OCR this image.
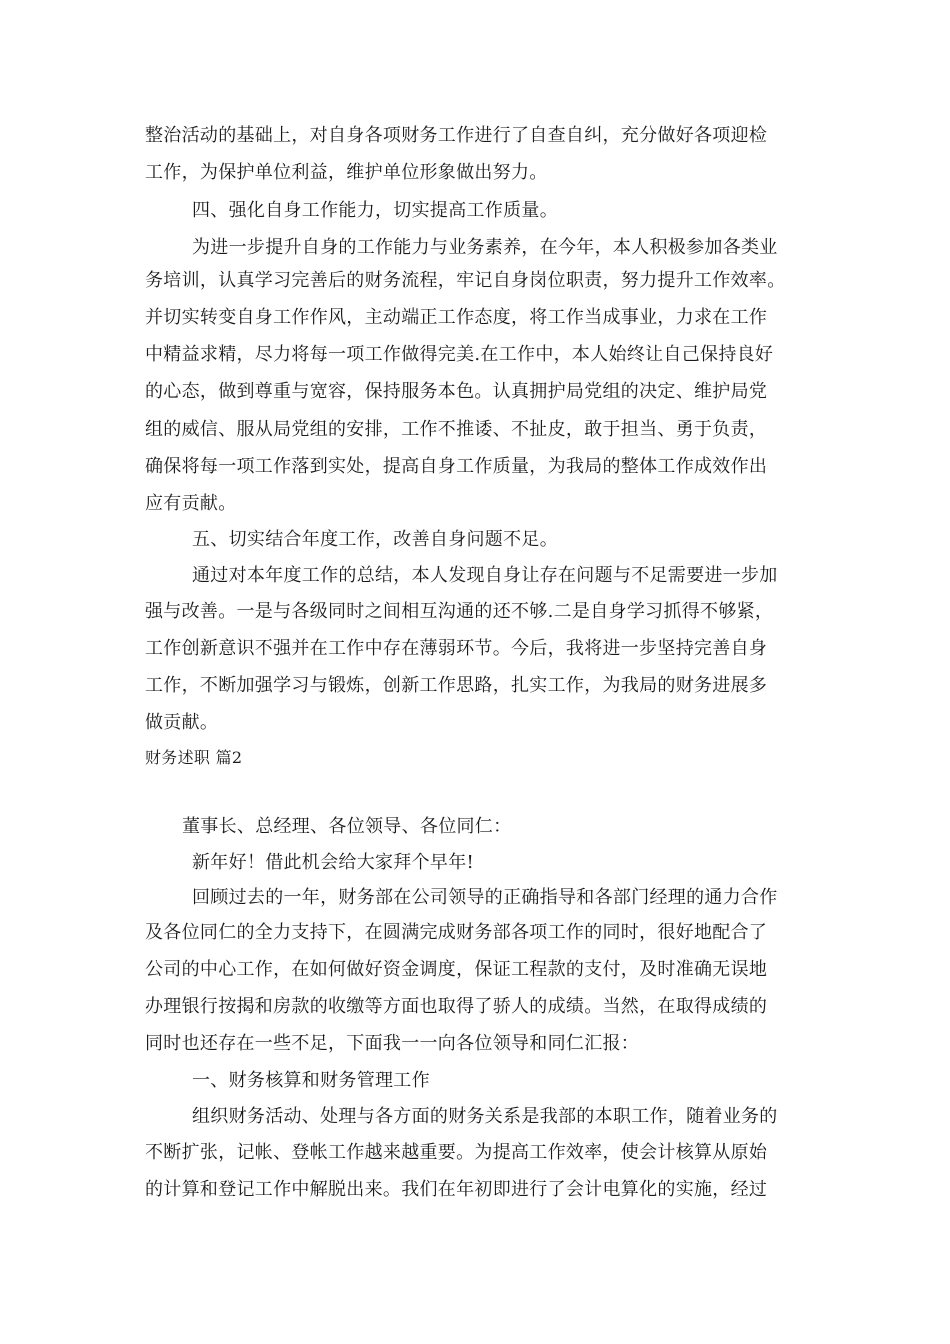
整治活动的基础上，对自身各项财务工作进行了自查自纠，充分做好各项迎检
工作，为保护单位利益，维护单位形象做出努力。
四、强化自身工作能力，切实提高工作质量。
为进一步提升自身的工作能力与业务素养，在今年，本人积极参加各类业
务培训，认真学习完善后的财务流程，牢记自身岗位职责，努力提升工作效率。
并切实转变自身工作作风，主动端正工作态度，将工作当成事业，力求在工作
中精益求精，尽力将每一项工作做得完美.在工作中，本人始终让自己保持良好
的心态，做到尊重与宽容，保持服务本色。认真拥护局党组的决定、维护局党
组的威信、服从局党组的安排，工作不推诿、不扯皮，敢于担当、勇于负责，
确保将每一项工作落到实处，提高自身工作质量，为我局的整体工作成效作出
应有贡献。
五、切实结合年度工作，改善自身问题不足。
通过对本年度工作的总结，本人发现自身让存在问题与不足需要进一步加
强与改善。一是与各级同时之间相互沟通的还不够.二是自身学习抓得不够紧，
工作创新意识不强并在工作中存在薄弱环节。今后，我将进一步坚持完善自身
工作，不断加强学习与锻炼，创新工作思路，扎实工作，为我局的财务进展多
做贡献。
财务述职 篇2
董事长、总经理、各位领导、各位同仁：
新年好！借此机会给大家拜个早年!
回顾过去的一年，财务部在公司领导的正确指导和各部门经理的通力合作
及各位同仁的全力支持下，在圆满完成财务部各项工作的同时，很好地配合了
公司的中心工作，在如何做好资金调度，保证工程款的支付，及时准确无误地
办理银行按揭和房款的收缴等方面也取得了骄人的成绩。当然，在取得成绩的
同时也还存在一些不足，下面我一一向各位领导和同仁汇报：
一、财务核算和财务管理工作
组织财务活动、处理与各方面的财务关系是我部的本职工作，随着业务的
不断扩张，记帐、登帐工作越来越重要。为提高工作效率，使会计核算从原始
的计算和登记工作中解脱出来。我们在年初即进行了会计电算化的实施，经过
